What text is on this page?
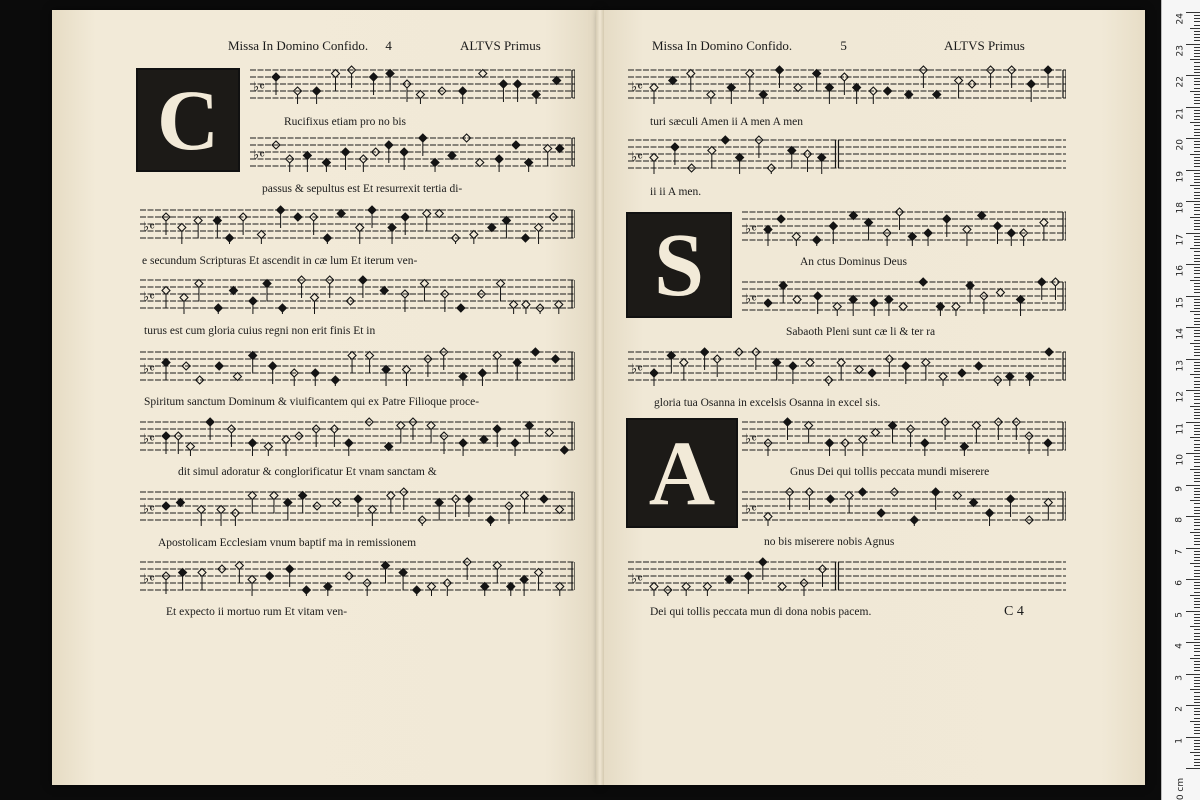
Missa In Domino Confido. 4	ALTVS Primus	Missa In Domino Confido.	5	ALTVS Primus
C	♭𝄴
♭𝄴
♭𝄴
♭𝄴
♭𝄴
♭𝄴
♭𝄴
♭𝄴
Rucifixus etiam pro no bis
passus & sepultus est Et resurrexit tertia di-
e secundum Scripturas Et ascendit in cæ lum Et iterum ven-
turus est cum gloria cuius regni non erit finis Et in
Spiritum sanctum Dominum & viuificantem qui ex Patre Filioque proce-
dit simul adoratur & conglorificatur Et vnam sanctam &
Apostolicam Ecclesiam vnum baptif ma in remissionem
Et expecto ii mortuo rum Et vitam ven-
♭𝄴
♭𝄴
turi sæculi Amen ii A men A men
ii ii A men.
S	♭𝄴
♭𝄴
♭𝄴
An ctus Dominus Deus
Sabaoth Pleni sunt cæ li & ter ra
gloria tua Osanna in excelsis Osanna in excel sis.
A	♭𝄴
♭𝄴
♭𝄴
Gnus Dei qui tollis peccata mundi miserere
no bis miserere nobis Agnus
Dei qui tollis peccata mun di dona nobis pacem.	C 4
1
2
3
4
5
6
7
8
9
10
11
12
13
14
15
16
17
18
19
20
21
22
23
24
0 cm
